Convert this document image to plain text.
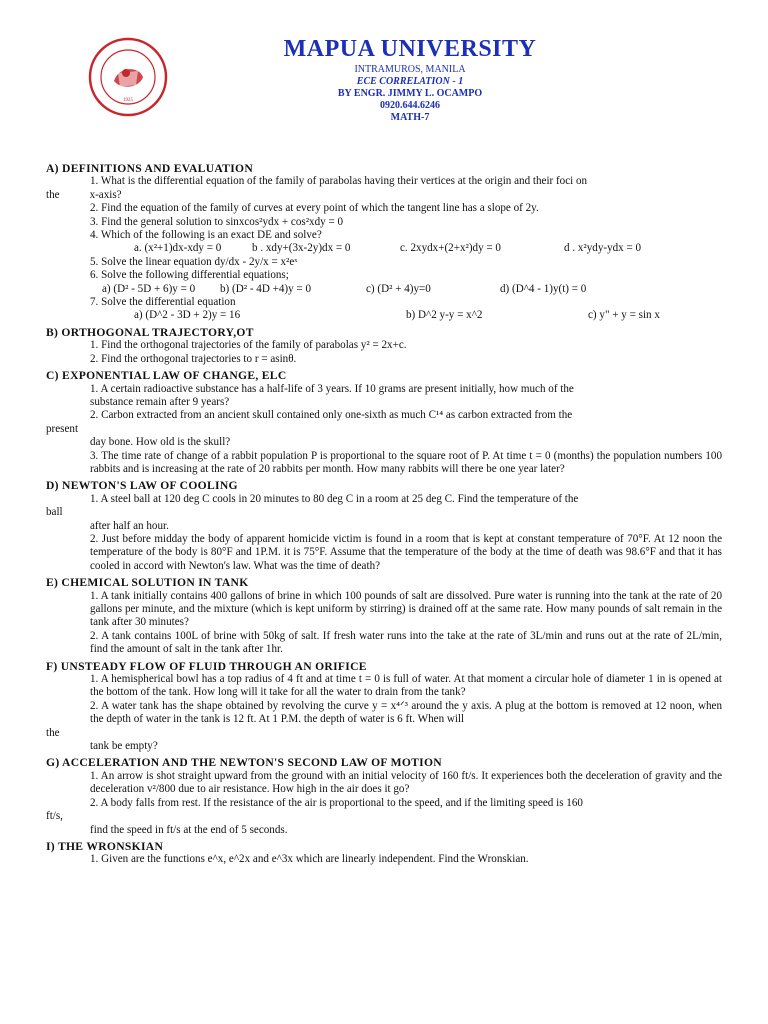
1925
MAPUA UNIVERSITY
INTRAMUROS, MANILA
ECE CORRELATION - 1
BY ENGR. JIMMY L. OCAMPO
0920.644.6246
MATH-7
A) DEFINITIONS AND EVALUATION
1. What is the differential equation of the family of parabolas having their vertices at the origin and their foci on
the	x-axis?
2. Find the equation of the family of curves at every point of which the tangent line has a slope of 2y.
3. Find the general solution to sinxcos²ydx + cos²xdy = 0
4. Which of the following is an exact DE and solve?
a. (x²+1)dx-xdy = 0	b . xdy+(3x-2y)dx = 0	c. 2xydx+(2+x²)dy = 0	d . x²ydy-ydx = 0
5. Solve the linear equation dy/dx - 2y/x = x²eˣ
6. Solve the following differential equations;
a) (D² - 5D + 6)y = 0	b) (D² - 4D +4)y = 0	c) (D² + 4)y=0	d) (D^4 - 1)y(t) = 0
7. Solve the differential equation
a) (D^2 - 3D + 2)y = 16	b) D^2 y-y = x^2	c) y" + y = sin x
B) ORTHOGONAL TRAJECTORY,OT
1. Find the orthogonal trajectories of the family of parabolas y² = 2x+c.
2. Find the orthogonal trajectories to r = asinθ.
C) EXPONENTIAL LAW OF CHANGE, ELC
1. A certain radioactive substance has a half-life of 3 years. If 10 grams are present initially, how much of the
substance remain after 9 years?
2. Carbon extracted from an ancient skull contained only one-sixth as much C¹⁴ as carbon extracted from the
present
day bone. How old is the skull?
3. The time rate of change of a rabbit population P is proportional to the square root of P. At time t = 0 (months) the population numbers 100 rabbits and is increasing at the rate of 20 rabbits per month. How many rabbits will there be one year later?
D) NEWTON'S LAW OF COOLING
1. A steel ball at 120 deg C cools in 20 minutes to 80 deg C in a room at 25 deg C. Find the temperature of the
ball
after half an hour.
2. Just before midday the body of apparent homicide victim is found in a room that is kept at constant temperature of 70°F. At 12 noon the temperature of the body is 80°F and 1P.M. it is 75°F. Assume that the temperature of the body at the time of death was 98.6°F and that it has cooled in accord with Newton's law. What was the time of death?
E) CHEMICAL SOLUTION IN TANK
1. A tank initially contains 400 gallons of brine in which 100 pounds of salt are dissolved. Pure water is running into the tank at the rate of 20 gallons per minute, and the mixture (which is kept uniform by stirring) is drained off at the same rate. How many pounds of salt remain in the tank after 30 minutes?
2. A tank contains 100L of brine with 50kg of salt. If fresh water runs into the take at the rate of 3L/min and runs out at the rate of 2L/min, find the amount of salt in the tank after 1hr.
F) UNSTEADY FLOW OF FLUID THROUGH AN ORIFICE
1. A hemispherical bowl has a top radius of 4 ft and at time t = 0 is full of water. At that moment a circular hole of diameter 1 in is opened at the bottom of the tank. How long will it take for all the water to drain from the tank?
2. A water tank has the shape obtained by revolving the curve y = x⁴ᐟ³ around the y axis. A plug at the bottom is removed at 12 noon, when the depth of water in the tank is 12 ft. At 1 P.M. the depth of water is 6 ft. When will
the
tank be empty?
G) ACCELERATION AND THE NEWTON'S SECOND LAW OF MOTION
1. An arrow is shot straight upward from the ground with an initial velocity of 160 ft/s. It experiences both the deceleration of gravity and the deceleration v²/800 due to air resistance. How high in the air does it go?
2. A body falls from rest. If the resistance of the air is proportional to the speed, and if the limiting speed is 160
ft/s,
find the speed in ft/s at the end of 5 seconds.
I) THE WRONSKIAN
1. Given are the functions e^x, e^2x and e^3x which are linearly independent. Find the Wronskian.
